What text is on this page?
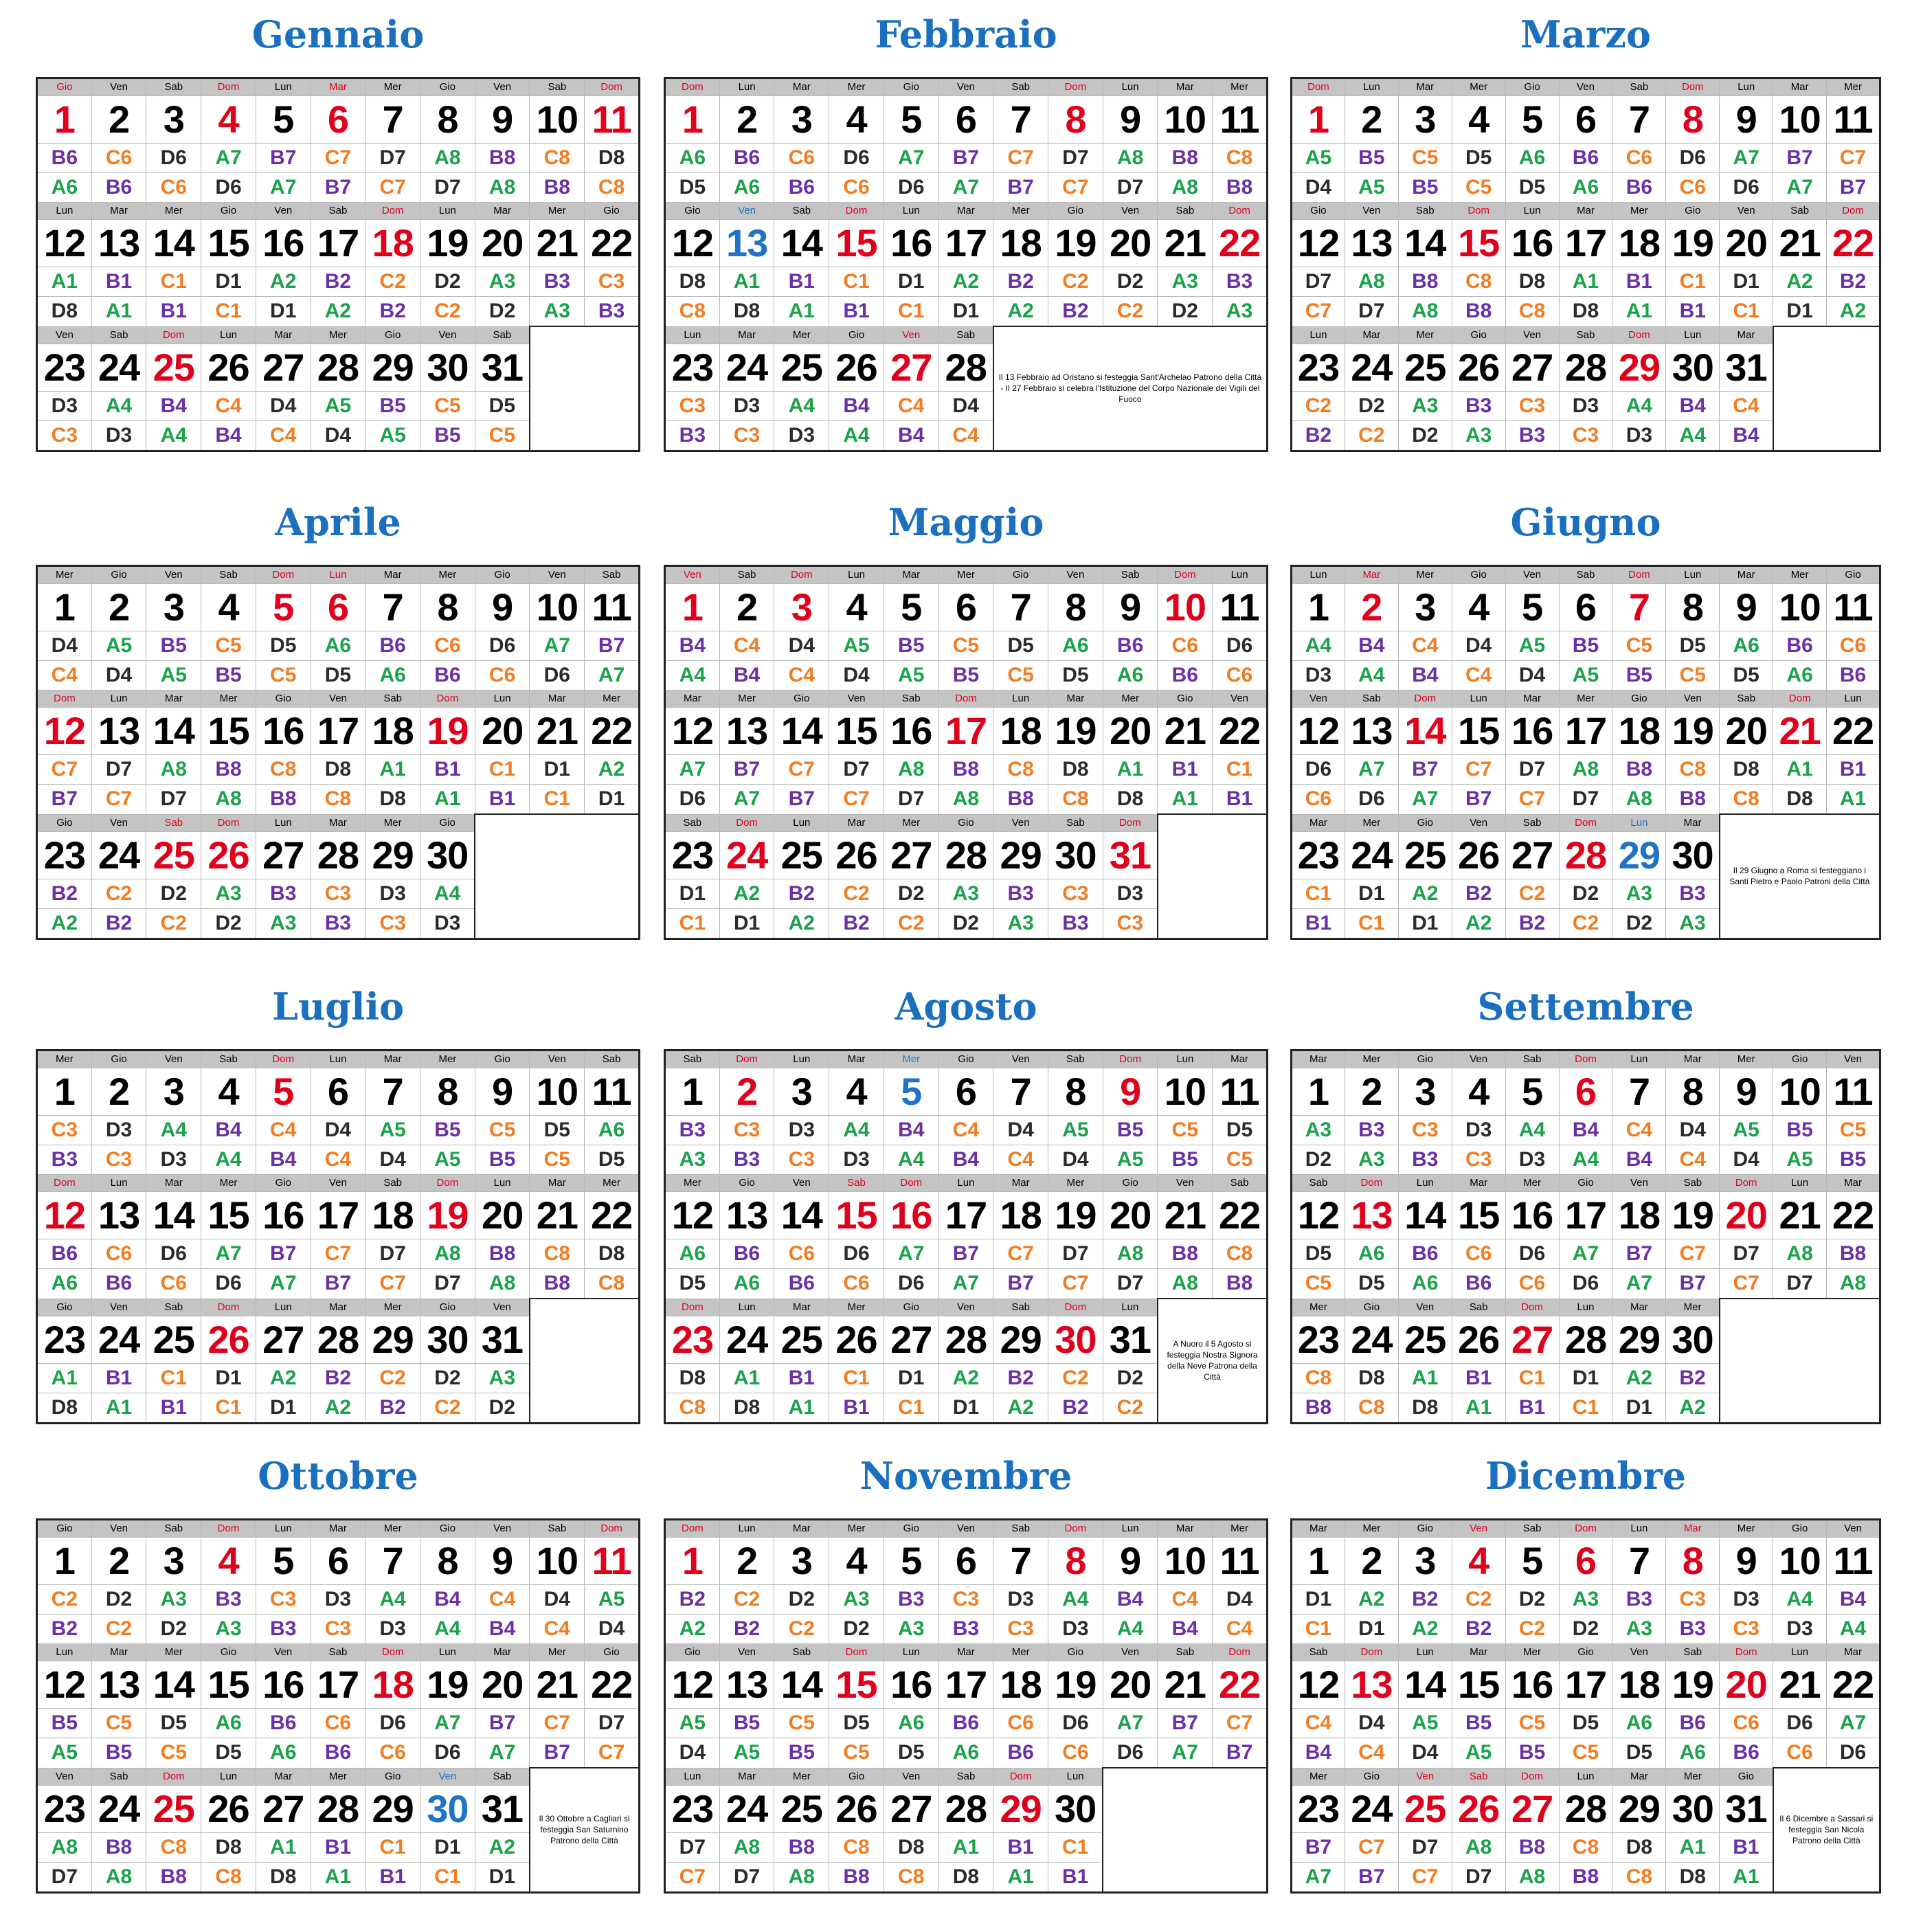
Gennaio
Gio	Ven	Sab	Dom	Lun	Mar	Mer	Gio	Ven	Sab	Dom
1	2	3	4	5	6	7	8	9	10	11
B6	C6	D6	A7	B7	C7	D7	A8	B8	C8	D8
A6	B6	C6	D6	A7	B7	C7	D7	A8	B8	C8
Lun	Mar	Mer	Gio	Ven	Sab	Dom	Lun	Mar	Mer	Gio
12	13	14	15	16	17	18	19	20	21	22
A1	B1	C1	D1	A2	B2	C2	D2	A3	B3	C3
D8	A1	B1	C1	D1	A2	B2	C2	D2	A3	B3
Ven	Sab	Dom	Lun	Mar	Mer	Gio	Ven	Sab		
23	24	25	26	27	28	29	30	31		
D3	A4	B4	C4	D4	A5	B5	C5	D5		
C3	D3	A4	B4	C4	D4	A5	B5	C5		
Febbraio
Dom	Lun	Mar	Mer	Gio	Ven	Sab	Dom	Lun	Mar	Mer
1	2	3	4	5	6	7	8	9	10	11
A6	B6	C6	D6	A7	B7	C7	D7	A8	B8	C8
D5	A6	B6	C6	D6	A7	B7	C7	D7	A8	B8
Gio	Ven	Sab	Dom	Lun	Mar	Mer	Gio	Ven	Sab	Dom
12	13	14	15	16	17	18	19	20	21	22
D8	A1	B1	C1	D1	A2	B2	C2	D2	A3	B3
C8	D8	A1	B1	C1	D1	A2	B2	C2	D2	A3
Lun	Mar	Mer	Gio	Ven	Sab	Il 13 Febbraio ad Oristano si festeggia Sant'Archelao Patrono della Città - Il 27 Febbraio si celebra l'Istituzione del Corpo Nazionale dei Vigili del Fuoco				
23	24	25	26	27	28					
C3	D3	A4	B4	C4	D4					
B3	C3	D3	A4	B4	C4					
Marzo
Dom	Lun	Mar	Mer	Gio	Ven	Sab	Dom	Lun	Mar	Mer
1	2	3	4	5	6	7	8	9	10	11
A5	B5	C5	D5	A6	B6	C6	D6	A7	B7	C7
D4	A5	B5	C5	D5	A6	B6	C6	D6	A7	B7
Gio	Ven	Sab	Dom	Lun	Mar	Mer	Gio	Ven	Sab	Dom
12	13	14	15	16	17	18	19	20	21	22
D7	A8	B8	C8	D8	A1	B1	C1	D1	A2	B2
C7	D7	A8	B8	C8	D8	A1	B1	C1	D1	A2
Lun	Mar	Mer	Gio	Ven	Sab	Dom	Lun	Mar		
23	24	25	26	27	28	29	30	31		
C2	D2	A3	B3	C3	D3	A4	B4	C4		
B2	C2	D2	A3	B3	C3	D3	A4	B4		
Aprile
Mer	Gio	Ven	Sab	Dom	Lun	Mar	Mer	Gio	Ven	Sab
1	2	3	4	5	6	7	8	9	10	11
D4	A5	B5	C5	D5	A6	B6	C6	D6	A7	B7
C4	D4	A5	B5	C5	D5	A6	B6	C6	D6	A7
Dom	Lun	Mar	Mer	Gio	Ven	Sab	Dom	Lun	Mar	Mer
12	13	14	15	16	17	18	19	20	21	22
C7	D7	A8	B8	C8	D8	A1	B1	C1	D1	A2
B7	C7	D7	A8	B8	C8	D8	A1	B1	C1	D1
Gio	Ven	Sab	Dom	Lun	Mar	Mer	Gio			
23	24	25	26	27	28	29	30			
B2	C2	D2	A3	B3	C3	D3	A4			
A2	B2	C2	D2	A3	B3	C3	D3			
Maggio
Ven	Sab	Dom	Lun	Mar	Mer	Gio	Ven	Sab	Dom	Lun
1	2	3	4	5	6	7	8	9	10	11
B4	C4	D4	A5	B5	C5	D5	A6	B6	C6	D6
A4	B4	C4	D4	A5	B5	C5	D5	A6	B6	C6
Mar	Mer	Gio	Ven	Sab	Dom	Lun	Mar	Mer	Gio	Ven
12	13	14	15	16	17	18	19	20	21	22
A7	B7	C7	D7	A8	B8	C8	D8	A1	B1	C1
D6	A7	B7	C7	D7	A8	B8	C8	D8	A1	B1
Sab	Dom	Lun	Mar	Mer	Gio	Ven	Sab	Dom		
23	24	25	26	27	28	29	30	31		
D1	A2	B2	C2	D2	A3	B3	C3	D3		
C1	D1	A2	B2	C2	D2	A3	B3	C3		
Giugno
Lun	Mar	Mer	Gio	Ven	Sab	Dom	Lun	Mar	Mer	Gio
1	2	3	4	5	6	7	8	9	10	11
A4	B4	C4	D4	A5	B5	C5	D5	A6	B6	C6
D3	A4	B4	C4	D4	A5	B5	C5	D5	A6	B6
Ven	Sab	Dom	Lun	Mar	Mer	Gio	Ven	Sab	Dom	Lun
12	13	14	15	16	17	18	19	20	21	22
D6	A7	B7	C7	D7	A8	B8	C8	D8	A1	B1
C6	D6	A7	B7	C7	D7	A8	B8	C8	D8	A1
Mar	Mer	Gio	Ven	Sab	Dom	Lun	Mar	Il 29 Giugno a Roma si festeggiano i Santi Pietro e Paolo Patroni della Città		
23	24	25	26	27	28	29	30			
C1	D1	A2	B2	C2	D2	A3	B3			
B1	C1	D1	A2	B2	C2	D2	A3			
Luglio
Mer	Gio	Ven	Sab	Dom	Lun	Mar	Mer	Gio	Ven	Sab
1	2	3	4	5	6	7	8	9	10	11
C3	D3	A4	B4	C4	D4	A5	B5	C5	D5	A6
B3	C3	D3	A4	B4	C4	D4	A5	B5	C5	D5
Dom	Lun	Mar	Mer	Gio	Ven	Sab	Dom	Lun	Mar	Mer
12	13	14	15	16	17	18	19	20	21	22
B6	C6	D6	A7	B7	C7	D7	A8	B8	C8	D8
A6	B6	C6	D6	A7	B7	C7	D7	A8	B8	C8
Gio	Ven	Sab	Dom	Lun	Mar	Mer	Gio	Ven		
23	24	25	26	27	28	29	30	31		
A1	B1	C1	D1	A2	B2	C2	D2	A3		
D8	A1	B1	C1	D1	A2	B2	C2	D2		
Agosto
Sab	Dom	Lun	Mar	Mer	Gio	Ven	Sab	Dom	Lun	Mar
1	2	3	4	5	6	7	8	9	10	11
B3	C3	D3	A4	B4	C4	D4	A5	B5	C5	D5
A3	B3	C3	D3	A4	B4	C4	D4	A5	B5	C5
Mer	Gio	Ven	Sab	Dom	Lun	Mar	Mer	Gio	Ven	Sab
12	13	14	15	16	17	18	19	20	21	22
A6	B6	C6	D6	A7	B7	C7	D7	A8	B8	C8
D5	A6	B6	C6	D6	A7	B7	C7	D7	A8	B8
Dom	Lun	Mar	Mer	Gio	Ven	Sab	Dom	Lun	A Nuoro il 5 Agosto si festeggia Nostra Signora della Neve Patrona della Città	
23	24	25	26	27	28	29	30	31		
D8	A1	B1	C1	D1	A2	B2	C2	D2		
C8	D8	A1	B1	C1	D1	A2	B2	C2		
Settembre
Mar	Mer	Gio	Ven	Sab	Dom	Lun	Mar	Mer	Gio	Ven
1	2	3	4	5	6	7	8	9	10	11
A3	B3	C3	D3	A4	B4	C4	D4	A5	B5	C5
D2	A3	B3	C3	D3	A4	B4	C4	D4	A5	B5
Sab	Dom	Lun	Mar	Mer	Gio	Ven	Sab	Dom	Lun	Mar
12	13	14	15	16	17	18	19	20	21	22
D5	A6	B6	C6	D6	A7	B7	C7	D7	A8	B8
C5	D5	A6	B6	C6	D6	A7	B7	C7	D7	A8
Mer	Gio	Ven	Sab	Dom	Lun	Mar	Mer			
23	24	25	26	27	28	29	30			
C8	D8	A1	B1	C1	D1	A2	B2			
B8	C8	D8	A1	B1	C1	D1	A2			
Ottobre
Gio	Ven	Sab	Dom	Lun	Mar	Mer	Gio	Ven	Sab	Dom
1	2	3	4	5	6	7	8	9	10	11
C2	D2	A3	B3	C3	D3	A4	B4	C4	D4	A5
B2	C2	D2	A3	B3	C3	D3	A4	B4	C4	D4
Lun	Mar	Mer	Gio	Ven	Sab	Dom	Lun	Mar	Mer	Gio
12	13	14	15	16	17	18	19	20	21	22
B5	C5	D5	A6	B6	C6	D6	A7	B7	C7	D7
A5	B5	C5	D5	A6	B6	C6	D6	A7	B7	C7
Ven	Sab	Dom	Lun	Mar	Mer	Gio	Ven	Sab	Il 30 Ottobre a Cagliari si festeggia San Saturnino Patrono della Città	
23	24	25	26	27	28	29	30	31		
A8	B8	C8	D8	A1	B1	C1	D1	A2		
D7	A8	B8	C8	D8	A1	B1	C1	D1		
Novembre
Dom	Lun	Mar	Mer	Gio	Ven	Sab	Dom	Lun	Mar	Mer
1	2	3	4	5	6	7	8	9	10	11
B2	C2	D2	A3	B3	C3	D3	A4	B4	C4	D4
A2	B2	C2	D2	A3	B3	C3	D3	A4	B4	C4
Gio	Ven	Sab	Dom	Lun	Mar	Mer	Gio	Ven	Sab	Dom
12	13	14	15	16	17	18	19	20	21	22
A5	B5	C5	D5	A6	B6	C6	D6	A7	B7	C7
D4	A5	B5	C5	D5	A6	B6	C6	D6	A7	B7
Lun	Mar	Mer	Gio	Ven	Sab	Dom	Lun			
23	24	25	26	27	28	29	30			
D7	A8	B8	C8	D8	A1	B1	C1			
C7	D7	A8	B8	C8	D8	A1	B1			
Dicembre
Mar	Mer	Gio	Ven	Sab	Dom	Lun	Mar	Mer	Gio	Ven
1	2	3	4	5	6	7	8	9	10	11
D1	A2	B2	C2	D2	A3	B3	C3	D3	A4	B4
C1	D1	A2	B2	C2	D2	A3	B3	C3	D3	A4
Sab	Dom	Lun	Mar	Mer	Gio	Ven	Sab	Dom	Lun	Mar
12	13	14	15	16	17	18	19	20	21	22
C4	D4	A5	B5	C5	D5	A6	B6	C6	D6	A7
B4	C4	D4	A5	B5	C5	D5	A6	B6	C6	D6
Mer	Gio	Ven	Sab	Dom	Lun	Mar	Mer	Gio	Il 6 Dicembre a Sassari si festeggia San Nicola Patrono della Città	
23	24	25	26	27	28	29	30	31		
B7	C7	D7	A8	B8	C8	D8	A1	B1		
A7	B7	C7	D7	A8	B8	C8	D8	A1		
